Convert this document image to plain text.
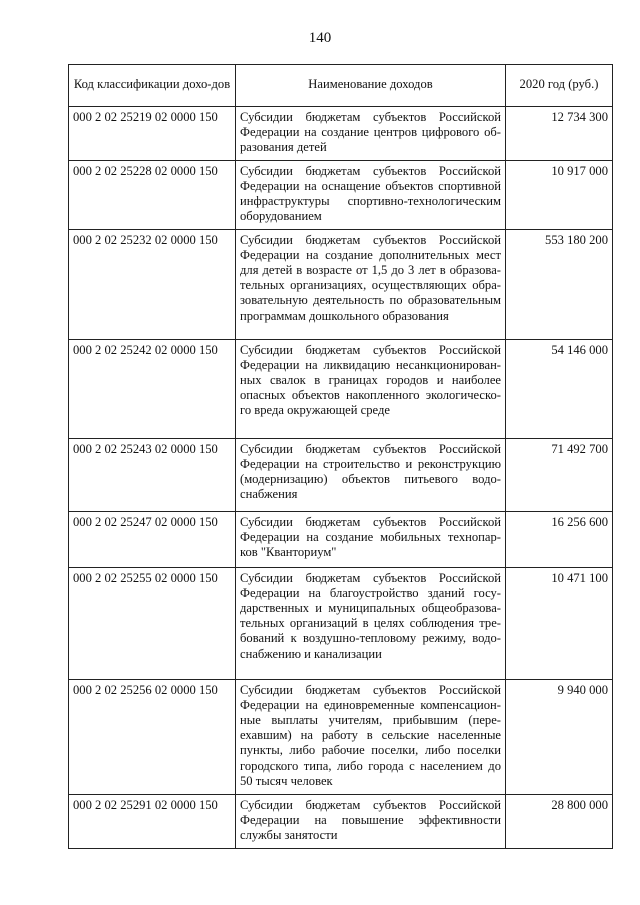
140
Код классификации дохо-дов	Наименование доходов	2020 год (руб.)
000 2 02 25219 02 0000 150	Субсидии бюджетам субъектов Российской Федерации на создание центров цифрового об-разования детей	12 734 300
000 2 02 25228 02 0000 150	Субсидии бюджетам субъектов Российской Федерации на оснащение объектов спортивной инфраструктуры спортивно-технологическим оборудованием	10 917 000
000 2 02 25232 02 0000 150	Субсидии бюджетам субъектов Российской Федерации на создание дополнительных мест для детей в возрасте от 1,5 до 3 лет в образова-тельных организациях, осуществляющих обра-зовательную деятельность по образовательным программам дошкольного образования	553 180 200
000 2 02 25242 02 0000 150	Субсидии бюджетам субъектов Российской Федерации на ликвидацию несанкционирован-ных свалок в границах городов и наиболее опасных объектов накопленного экологическо-го вреда окружающей среде	54 146 000
000 2 02 25243 02 0000 150	Субсидии бюджетам субъектов Российской Федерации на строительство и реконструкцию (модернизацию) объектов питьевого водо-снабжения	71 492 700
000 2 02 25247 02 0000 150	Субсидии бюджетам субъектов Российской Федерации на создание мобильных технопар-ков "Кванториум"	16 256 600
000 2 02 25255 02 0000 150	Субсидии бюджетам субъектов Российской Федерации на благоустройство зданий госу-дарственных и муниципальных общеобразова-тельных организаций в целях соблюдения тре-бований к воздушно-тепловому режиму, водо-снабжению и канализации	10 471 100
000 2 02 25256 02 0000 150	Субсидии бюджетам субъектов Российской Федерации на единовременные компенсацион-ные выплаты учителям, прибывшим (пере-ехавшим) на работу в сельские населенные пункты, либо рабочие поселки, либо поселки городского типа, либо города с населением до 50 тысяч человек	9 940 000
000 2 02 25291 02 0000 150	Субсидии бюджетам субъектов Российской Федерации на повышение эффективности службы занятости	28 800 000
